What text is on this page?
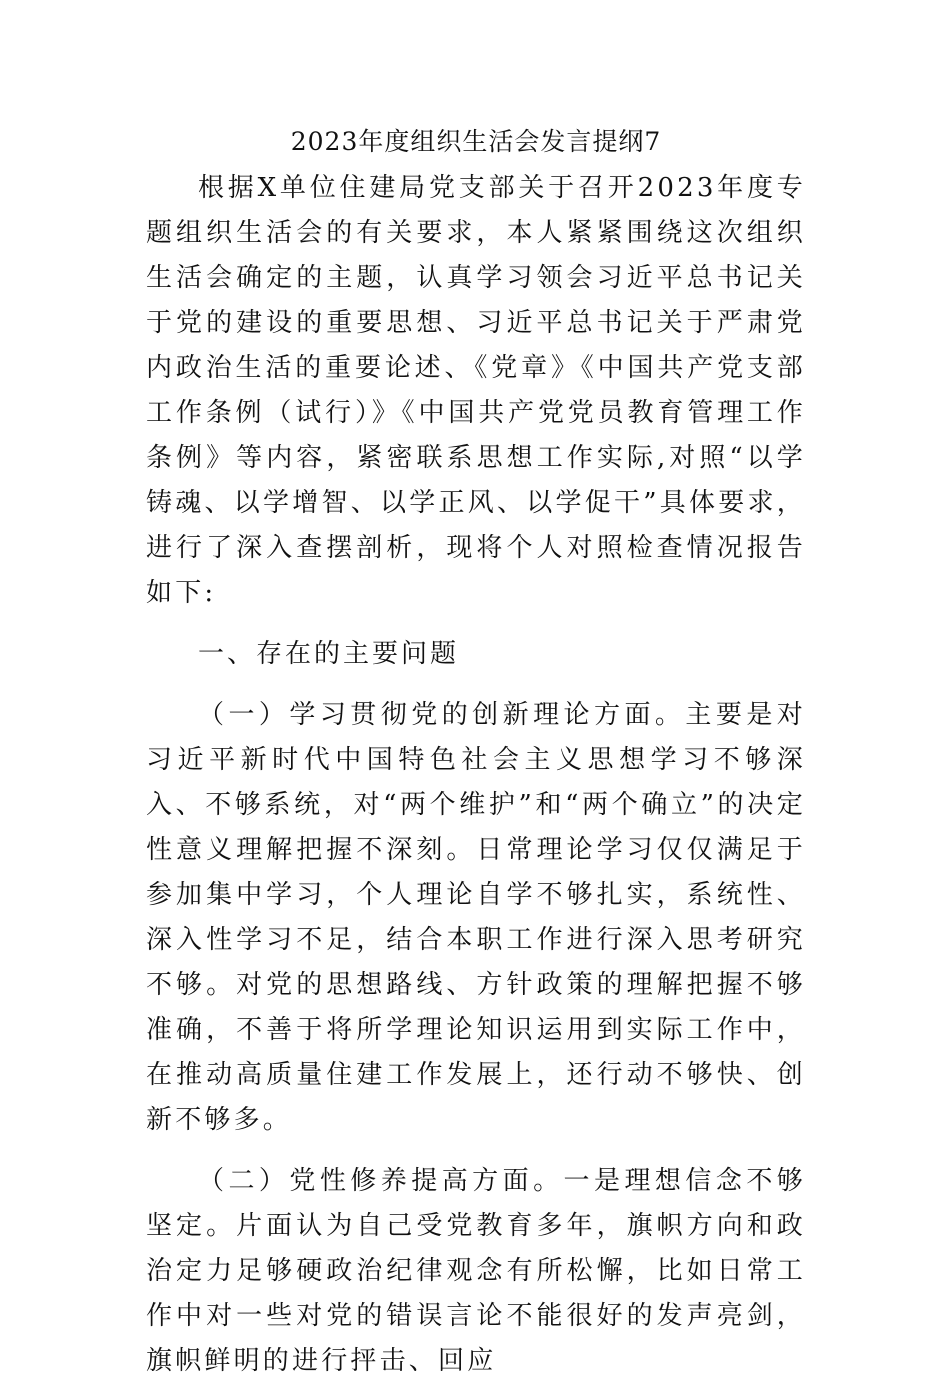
2023年度组织生活会发言提纲7

根据X单位住建局党支部关于召开2023年度专题组织生活会的有关要求，本人紧紧围绕这次组织生活会确定的主题，认真学习领会习近平总书记关于党的建设的重要思想、习近平总书记关于严肃党内政治生活的重要论述、《党章》《中国共产党支部工作条例（试行）》《中国共产党党员教育管理工作条例》等内容，紧密联系思想工作实际,对照“以学铸魂、以学增智、以学正风、以学促干”具体要求，进行了深入查摆剖析，现将个人对照检查情况报告如下:

一、存在的主要问题

（一）学习贯彻党的创新理论方面。主要是对习近平新时代中国特色社会主义思想学习不够深入、不够系统，对“两个维护”和“两个确立”的决定性意义理解把握不深刻。日常理论学习仅仅满足于参加集中学习，个人理论自学不够扎实，系统性、深入性学习不足，结合本职工作进行深入思考研究不够。对党的思想路线、方针政策的理解把握不够准确，不善于将所学理论知识运用到实际工作中，在推动高质量住建工作发展上，还行动不够快、创新不够多。

（二）党性修养提高方面。一是理想信念不够坚定。片面认为自己受党教育多年，旗帜方向和政治定力足够硬政治纪律观念有所松懈，比如日常工作中对一些对党的错误言论不能很好的发声亮剑，旗帜鲜明的进行抨击、回应
